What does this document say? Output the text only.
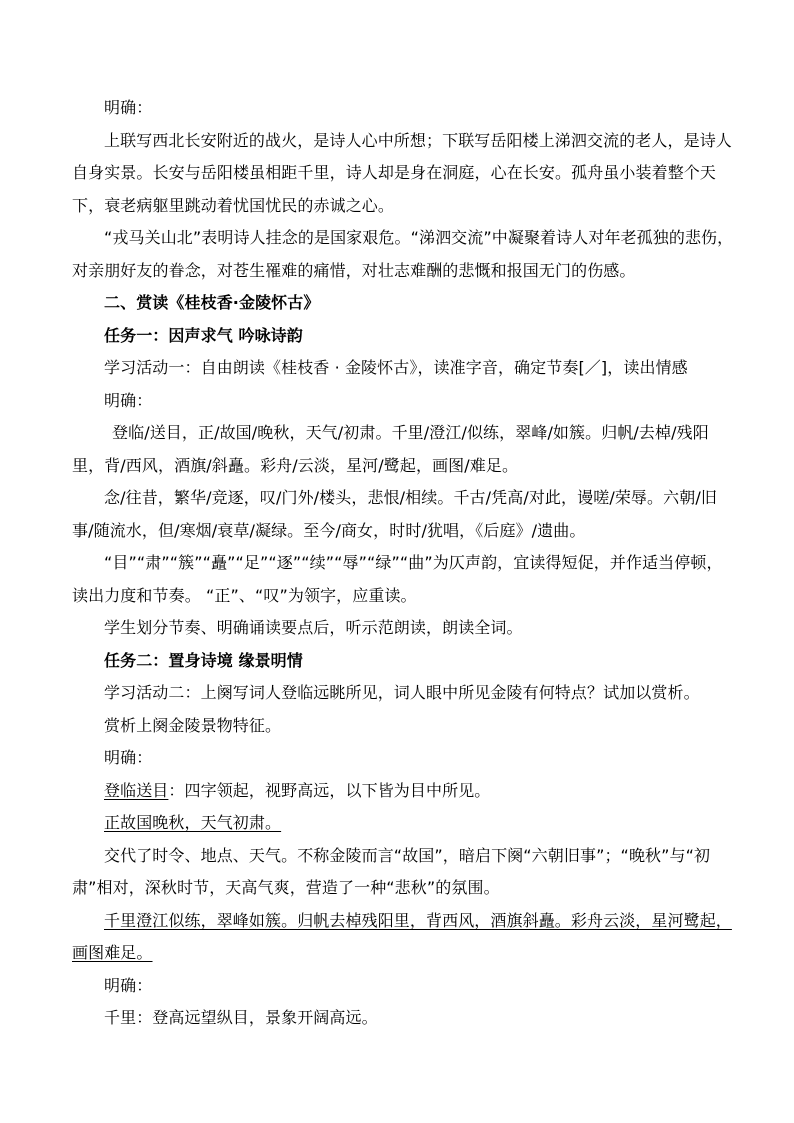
明确：

上联写西北长安附近的战火，是诗人心中所想；下联写岳阳楼上涕泗交流的老人，是诗人自身实景。长安与岳阳楼虽相距千里，诗人却是身在洞庭，心在长安。孤舟虽小装着整个天下，衰老病躯里跳动着忧国忧民的赤诚之心。

“戎马关山北”表明诗人挂念的是国家艰危。“涕泗交流”中凝聚着诗人对年老孤独的悲伤，对亲朋好友的眷念，对苍生罹难的痛惜，对壮志难酬的悲慨和报国无门的伤感。

二、赏读《桂枝香·金陵怀古》

任务一：因声求气 吟咏诗韵

学习活动一：自由朗读《桂枝香 · 金陵怀古》，读准字音，确定节奏[／]，读出情感

明确：

登临/送目，正/故国/晚秋，天气/初肃。千里/澄江/似练，翠峰/如簇。归帆/去棹/残阳里，背/西风，酒旗/斜矗。彩舟/云淡，星河/鹭起，画图/难足。

念/往昔，繁华/竞逐，叹/门外/楼头，悲恨/相续。千古/凭高/对此，谩嗟/荣辱。六朝/旧事/随流水，但/寒烟/衰草/凝绿。至今/商女，时时/犹唱，《后庭》/遗曲。

“目”“肃”“簇”“矗”“足”“逐”“续”“辱”“绿”“曲”为仄声韵，宜读得短促，并作适当停顿，读出力度和节奏。 “正”、“叹”为领字，应重读。

学生划分节奏、明确诵读要点后，听示范朗读，朗读全词。

任务二：置身诗境 缘景明情

学习活动二：上阕写词人登临远眺所见，词人眼中所见金陵有何特点？试加以赏析。

赏析上阕金陵景物特征。

明确：

登临送目：四字领起，视野高远，以下皆为目中所见。

正故国晚秋，天气初肃。

交代了时令、地点、天气。不称金陵而言“故国”，暗启下阕“六朝旧事”；“晚秋”与“初肃”相对，深秋时节，天高气爽，营造了一种“悲秋”的氛围。

千里澄江似练，翠峰如簇。归帆去棹残阳里，背西风，酒旗斜矗。彩舟云淡，星河鹭起，画图难足。

明确：

千里：登高远望纵目，景象开阔高远。
